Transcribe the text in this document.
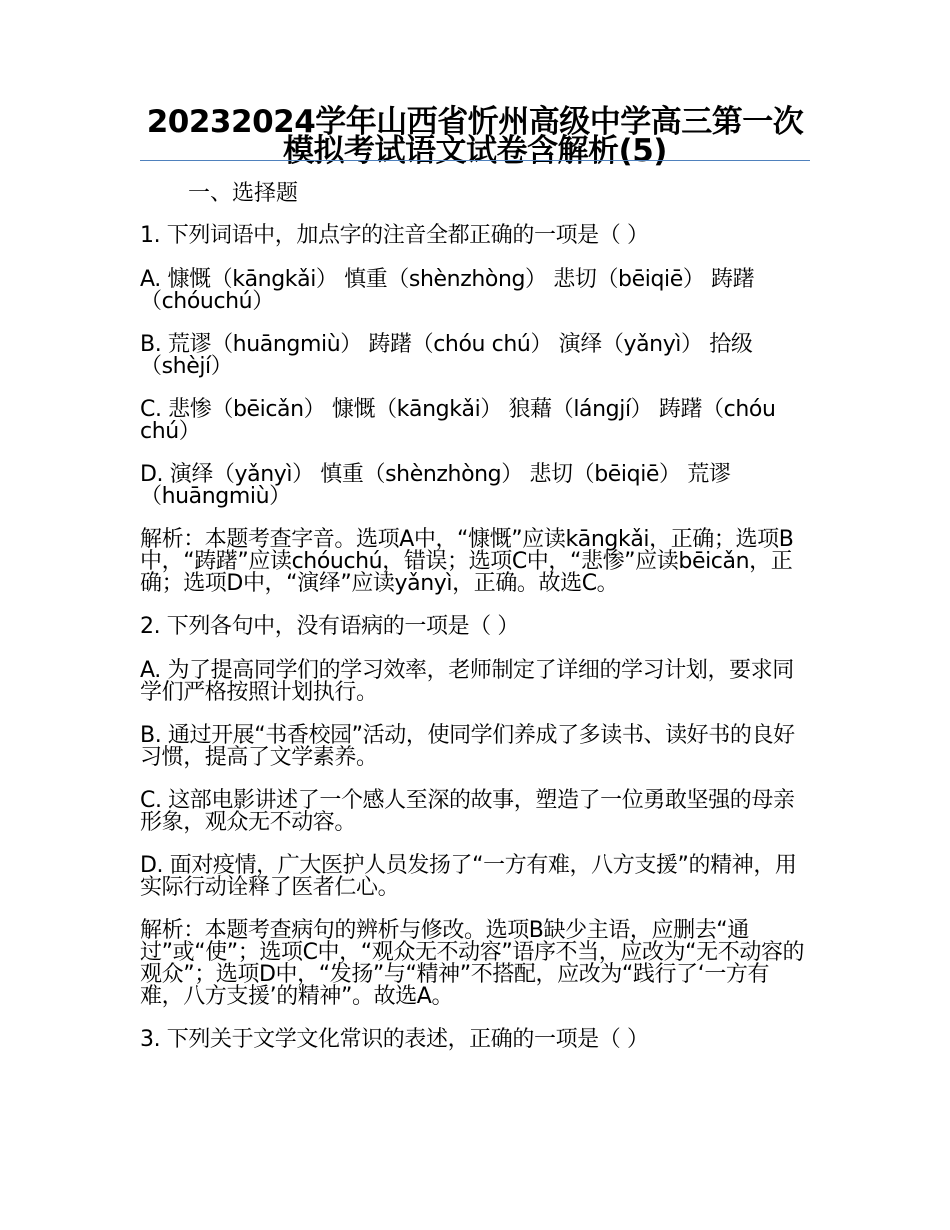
20232024学年山西省忻州高级中学高三第一次模拟考试语文试卷含解析(5)
一、选择题
1. 下列词语中，加点字的注音全都正确的一项是（ ）
A. 慷慨（kāngkǎi） 慎重（shènzhòng） 悲切（bēiqiē） 踌躇（chóuchú）
B. 荒谬（huāngmiù） 踌躇（chóu chú） 演绎（yǎnyì） 拾级（shèjí）
C. 悲惨（bēicǎn） 慷慨（kāngkǎi） 狼藉（lángjí） 踌躇（chóu chú）
D. 演绎（yǎnyì） 慎重（shènzhòng） 悲切（bēiqiē） 荒谬（huāngmiù）
解析：本题考查字音。选项A中，“慷慨”应读kāngkǎi，正确；选项B中，“踌躇”应读chóuchú，错误；选项C中，“悲惨”应读bēicǎn，正确；选项D中，“演绎”应读yǎnyì，正确。故选C。
2. 下列各句中，没有语病的一项是（ ）
A. 为了提高同学们的学习效率，老师制定了详细的学习计划，要求同学们严格按照计划执行。
B. 通过开展“书香校园”活动，使同学们养成了多读书、读好书的良好习惯，提高了文学素养。
C. 这部电影讲述了一个感人至深的故事，塑造了一位勇敢坚强的母亲形象，观众无不动容。
D. 面对疫情，广大医护人员发扬了“一方有难，八方支援”的精神，用实际行动诠释了医者仁心。
解析：本题考查病句的辨析与修改。选项B缺少主语，应删去“通过”或“使”；选项C中，“观众无不动容”语序不当，应改为“无不动容的观众”；选项D中，“发扬”与“精神”不搭配，应改为“践行了‘一方有难，八方支援’的精神”。故选A。
3. 下列关于文学文化常识的表述，正确的一项是（ ）
